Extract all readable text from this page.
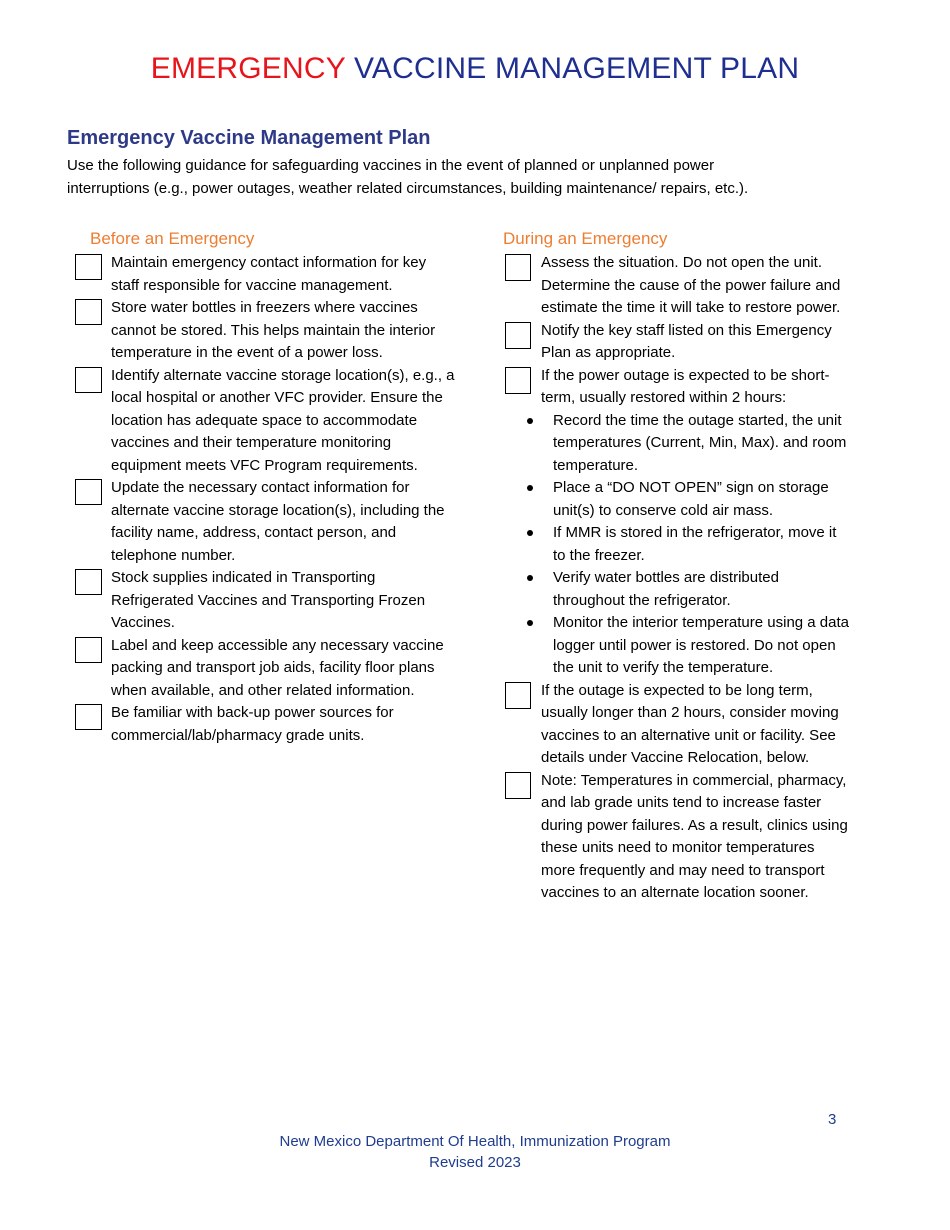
EMERGENCY VACCINE MANAGEMENT PLAN
Emergency Vaccine Management Plan
Use the following guidance for safeguarding vaccines in the event of planned or unplanned power
interruptions (e.g., power outages, weather related circumstances, building maintenance/ repairs, etc.).
Before an Emergency	During an Emergency
Maintain emergency contact information for key staff responsible for vaccine management.
Store water bottles in freezers where vaccines cannot be stored. This helps maintain the interior temperature in the event of a power loss.
Identify alternate vaccine storage location(s), e.g., a local hospital or another VFC provider. Ensure the location has adequate space to accommodate vaccines and their temperature monitoring equipment meets VFC Program requirements.
Update the necessary contact information for alternate vaccine storage location(s), including the facility name, address, contact person, and telephone number.
Stock supplies indicated in Transporting Refrigerated Vaccines and Transporting Frozen Vaccines.
Label and keep accessible any necessary vaccine packing and transport job aids, facility floor plans when available, and other related information.
Be familiar with back-up power sources for commercial/lab/pharmacy grade units.
Assess the situation. Do not open the unit. Determine the cause of the power failure and estimate the time it will take to restore power.
Notify the key staff listed on this Emergency Plan as appropriate.
If the power outage is expected to be short-term, usually restored within 2 hours:
Record the time the outage started, the unit temperatures (Current, Min, Max). and room temperature.
Place a “DO NOT OPEN” sign on storage unit(s) to conserve cold air mass.
If MMR is stored in the refrigerator, move it to the freezer.
Verify water bottles are distributed throughout the refrigerator.
Monitor the interior temperature using a data logger until power is restored. Do not open the unit to verify the temperature.
If the outage is expected to be long term, usually longer than 2 hours, consider moving vaccines to an alternative unit or facility. See details under Vaccine Relocation, below.
Note: Temperatures in commercial, pharmacy, and lab grade units tend to increase faster during power failures. As a result, clinics using these units need to monitor temperatures more frequently and may need to transport vaccines to an alternate location sooner.
3
New Mexico Department Of Health, Immunization Program
Revised 2023
